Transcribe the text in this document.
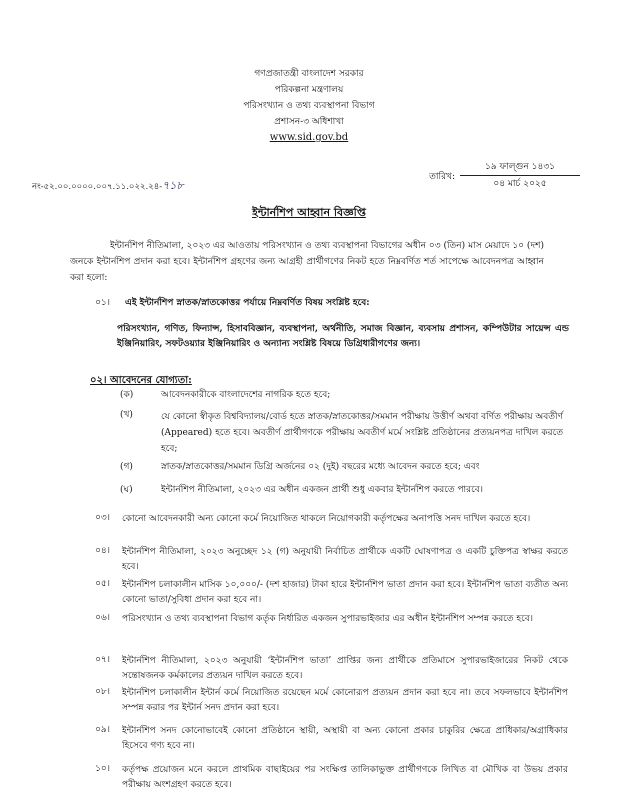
গণপ্রজাতন্ত্রী বাংলাদেশ সরকার
পরিকল্পনা মন্ত্রণালয়
পরিসংখ্যান ও তথ্য ব্যবস্থাপনা বিভাগ
প্রশাসন-৩ অধিশাখা
www.sid.gov.bd
নং-৫২.০০.০০০০.০০৭.১১.০২২.২৪-৭১৮
তারিখ:
১৯ ফাল্গুন ১৪৩১
০৪ মার্চ ২০২৫
ইন্টার্নশিপ আহ্বান বিজ্ঞপ্তি
ইন্টার্নশিপ নীতিমালা, ২০২৩ এর আওতায় পরিসংখ্যান ও তথ্য ব্যবস্থাপনা বিভাগের অধীন ০৩ (তিন) মাস মেয়াদে ১০ (দশ) জনকে ইন্টার্নশিপ প্রদান করা হবে। ইন্টার্নশিপ গ্রহণের জন্য আগ্রহী প্রার্থীগণের নিকট হতে নিম্নবর্ণিত শর্ত সাপেক্ষে আবেদনপত্র আহ্বান করা হলো:
০১। এই ইন্টার্নশিপ স্নাতক/স্নাতকোত্তর পর্যায়ে নিম্নবর্ণিত বিষয় সংশ্লিষ্ট হবে:
পরিসংখ্যান, গণিত, ফিন্যান্স, হিসাববিজ্ঞান, ব্যবস্থাপনা, অর্থনীতি, সমাজ বিজ্ঞান, ব্যবসায় প্রশাসন, কম্পিউটার সায়েন্স এন্ড ইঞ্জিনিয়ারিং, সফটওয়্যার ইঞ্জিনিয়ারিং ও অন্যান্য সংশ্লিষ্ট বিষয়ে ডিগ্রিধারীগণের জন্য।
০২। আবেদনের যোগ্যতা:
(ক)	আবেদনকারীকে বাংলাদেশের নাগরিক হতে হবে;
(খ)	যে কোনো স্বীকৃত বিশ্ববিদ্যালয়/বোর্ড হতে স্নাতক/স্নাতকোত্তর/সমমান পরীক্ষায় উত্তীর্ণ অথবা বর্ণিত পরীক্ষায় অবতীর্ণ (Appeared) হতে হবে। অবতীর্ণ প্রার্থীগণকে পরীক্ষায় অবতীর্ণ মর্মে সংশ্লিষ্ট প্রতিষ্ঠানের প্রত্যয়নপত্র দাখিল করতে হবে;
(গ)	স্নাতক/স্নাতকোত্তর/সমমান ডিগ্রি অর্জনের ০২ (দুই) বছরের মধ্যে আবেদন করতে হবে; এবং
(ঘ)	ইন্টার্নশিপ নীতিমালা, ২০২৩ এর অধীন একজন প্রার্থী শুধু একবার ইন্টার্নশিপ করতে পারবে।
০৩। কোনো আবেদনকারী অন্য কোনো কর্মে নিয়োজিত থাকলে নিয়োগকারী কর্তৃপক্ষের অনাপত্তি সনদ দাখিল করতে হবে।
০৪। ইন্টার্নশিপ নীতিমালা, ২০২৩ অনুচ্ছেদ ১২ (গ) অনুযায়ী নির্বাচিত প্রার্থীকে একটি ঘোষণাপত্র ও একটি চুক্তিপত্র স্বাক্ষর করতে হবে।
০৫। ইন্টার্নশিপ চলাকালীন মাসিক ১০,০০০/- (দশ হাজার) টাকা হারে ইন্টার্নশিপ ভাতা প্রদান করা হবে। ইন্টার্নশিপ ভাতা ব্যতীত অন্য কোনো ভাতা/সুবিধা প্রদান করা হবে না।
০৬। পরিসংখ্যান ও তথ্য ব্যবস্থাপনা বিভাগ কর্তৃক নির্ধারিত একজন সুপারভাইজার এর অধীন ইন্টার্নশিপ সম্পন্ন করতে হবে।
০৭। ইন্টার্নশিপ নীতিমালা, ২০২৩ অনুযায়ী ‘ইন্টার্নশিপ ভাতা’ প্রাপ্তির জন্য প্রার্থীকে প্রতিমাসে সুপারভাইজারের নিকট থেকে সন্তোষজনক কর্মকালের প্রত্যয়ন দাখিল করতে হবে।
০৮। ইন্টার্নশিপ চলাকালীন ইন্টার্ন কর্মে নিয়োজিত রয়েছেন মর্মে কোনোরূপ প্রত্যয়ন প্রদান করা হবে না। তবে সফলভাবে ইন্টার্নশিপ সম্পন্ন করার পর ইন্টার্ন সনদ প্রদান করা হবে।
০৯। ইন্টার্নশিপ সনদ কোনোভাবেই কোনো প্রতিষ্ঠানে স্থায়ী, অস্থায়ী বা অন্য কোনো প্রকার চাকুরির ক্ষেত্রে প্রাধিকার/অগ্রাধিকার হিসেবে গণ্য হবে না।
১০। কর্তৃপক্ষ প্রয়োজন মনে করলে প্রাথমিক বাছাইয়ের পর সংক্ষিপ্ত তালিকাভুক্ত প্রার্থীগণকে লিখিত বা মৌখিক বা উভয় প্রকার পরীক্ষায় অংশগ্রহণ করতে হবে।
